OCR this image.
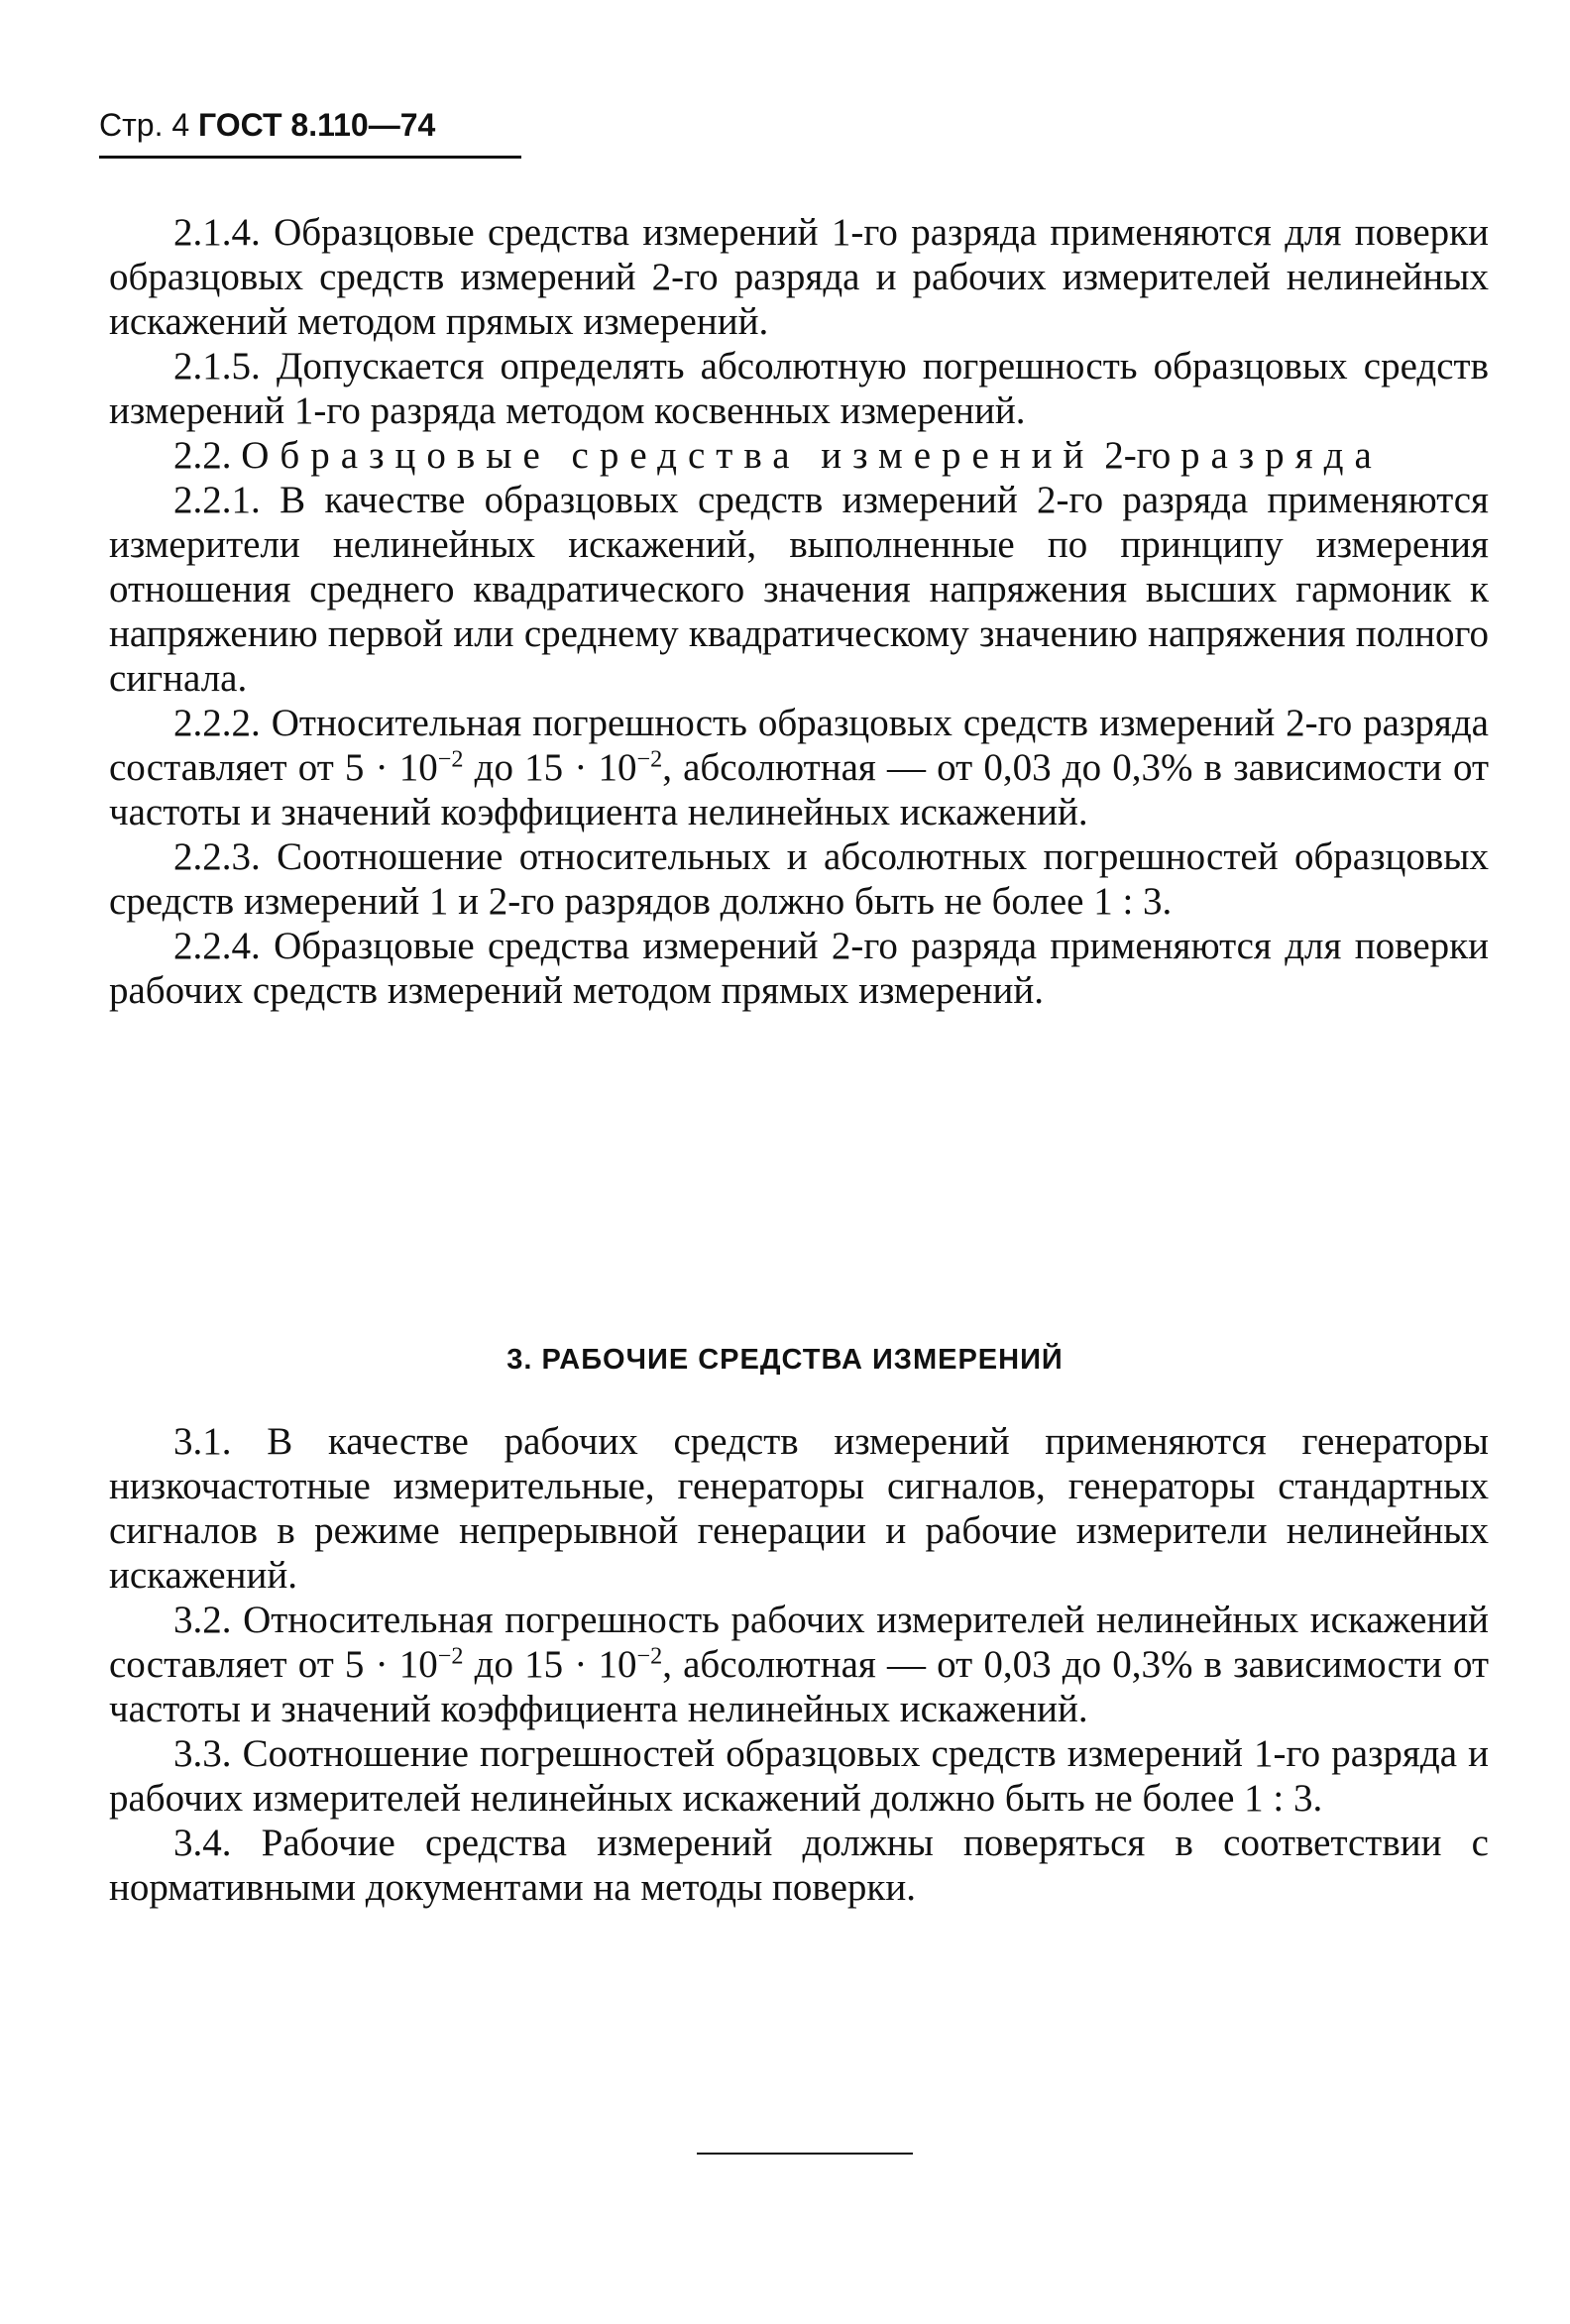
Стр. 4 ГОСТ 8.110—74

2.1.4. Образцовые средства измерений 1-го разряда применяются для поверки образцовых средств измерений 2-го разряда и рабочих измерителей нелинейных искажений методом прямых измерений.

2.1.5. Допускается определять абсолютную погрешность образцовых средств измерений 1-го разряда методом косвенных измерений.

2.2. Образцовые средства измерений 2-го разряда

2.2.1. В качестве образцовых средств измерений 2-го разряда применяются измерители нелинейных искажений, выполненные по принципу измерения отношения среднего квадратического значения напряжения высших гармоник к напряжению первой или среднему квадратическому значению напряжения полного сигнала.

2.2.2. Относительная погрешность образцовых средств измерений 2-го разряда составляет от $5 \cdot 10^{-2}$ до $15 \cdot 10^{-2}$, абсолютная — от 0,03 до 0,3% в зависимости от частоты и значений коэффициента нелинейных искажений.

2.2.3. Соотношение относительных и абсолютных погрешностей образцовых средств измерений 1 и 2-го разрядов должно быть не более 1 : 3.

2.2.4. Образцовые средства измерений 2-го разряда применяются для поверки рабочих средств измерений методом прямых измерений.

3. РАБОЧИЕ СРЕДСТВА ИЗМЕРЕНИЙ

3.1. В качестве рабочих средств измерений применяются генераторы низкочастотные измерительные, генераторы сигналов, генераторы стандартных сигналов в режиме непрерывной генерации и рабочие измерители нелинейных искажений.

3.2. Относительная погрешность рабочих измерителей нелинейных искажений составляет от $5 \cdot 10^{-2}$ до $15 \cdot 10^{-2}$, абсолютная — от 0,03 до 0,3% в зависимости от частоты и значений коэффициента нелинейных искажений.

3.3. Соотношение погрешностей образцовых средств измерений 1-го разряда и рабочих измерителей нелинейных искажений должно быть не более 1 : 3.

3.4. Рабочие средства измерений должны поверяться в соответствии с нормативными документами на методы поверки.
